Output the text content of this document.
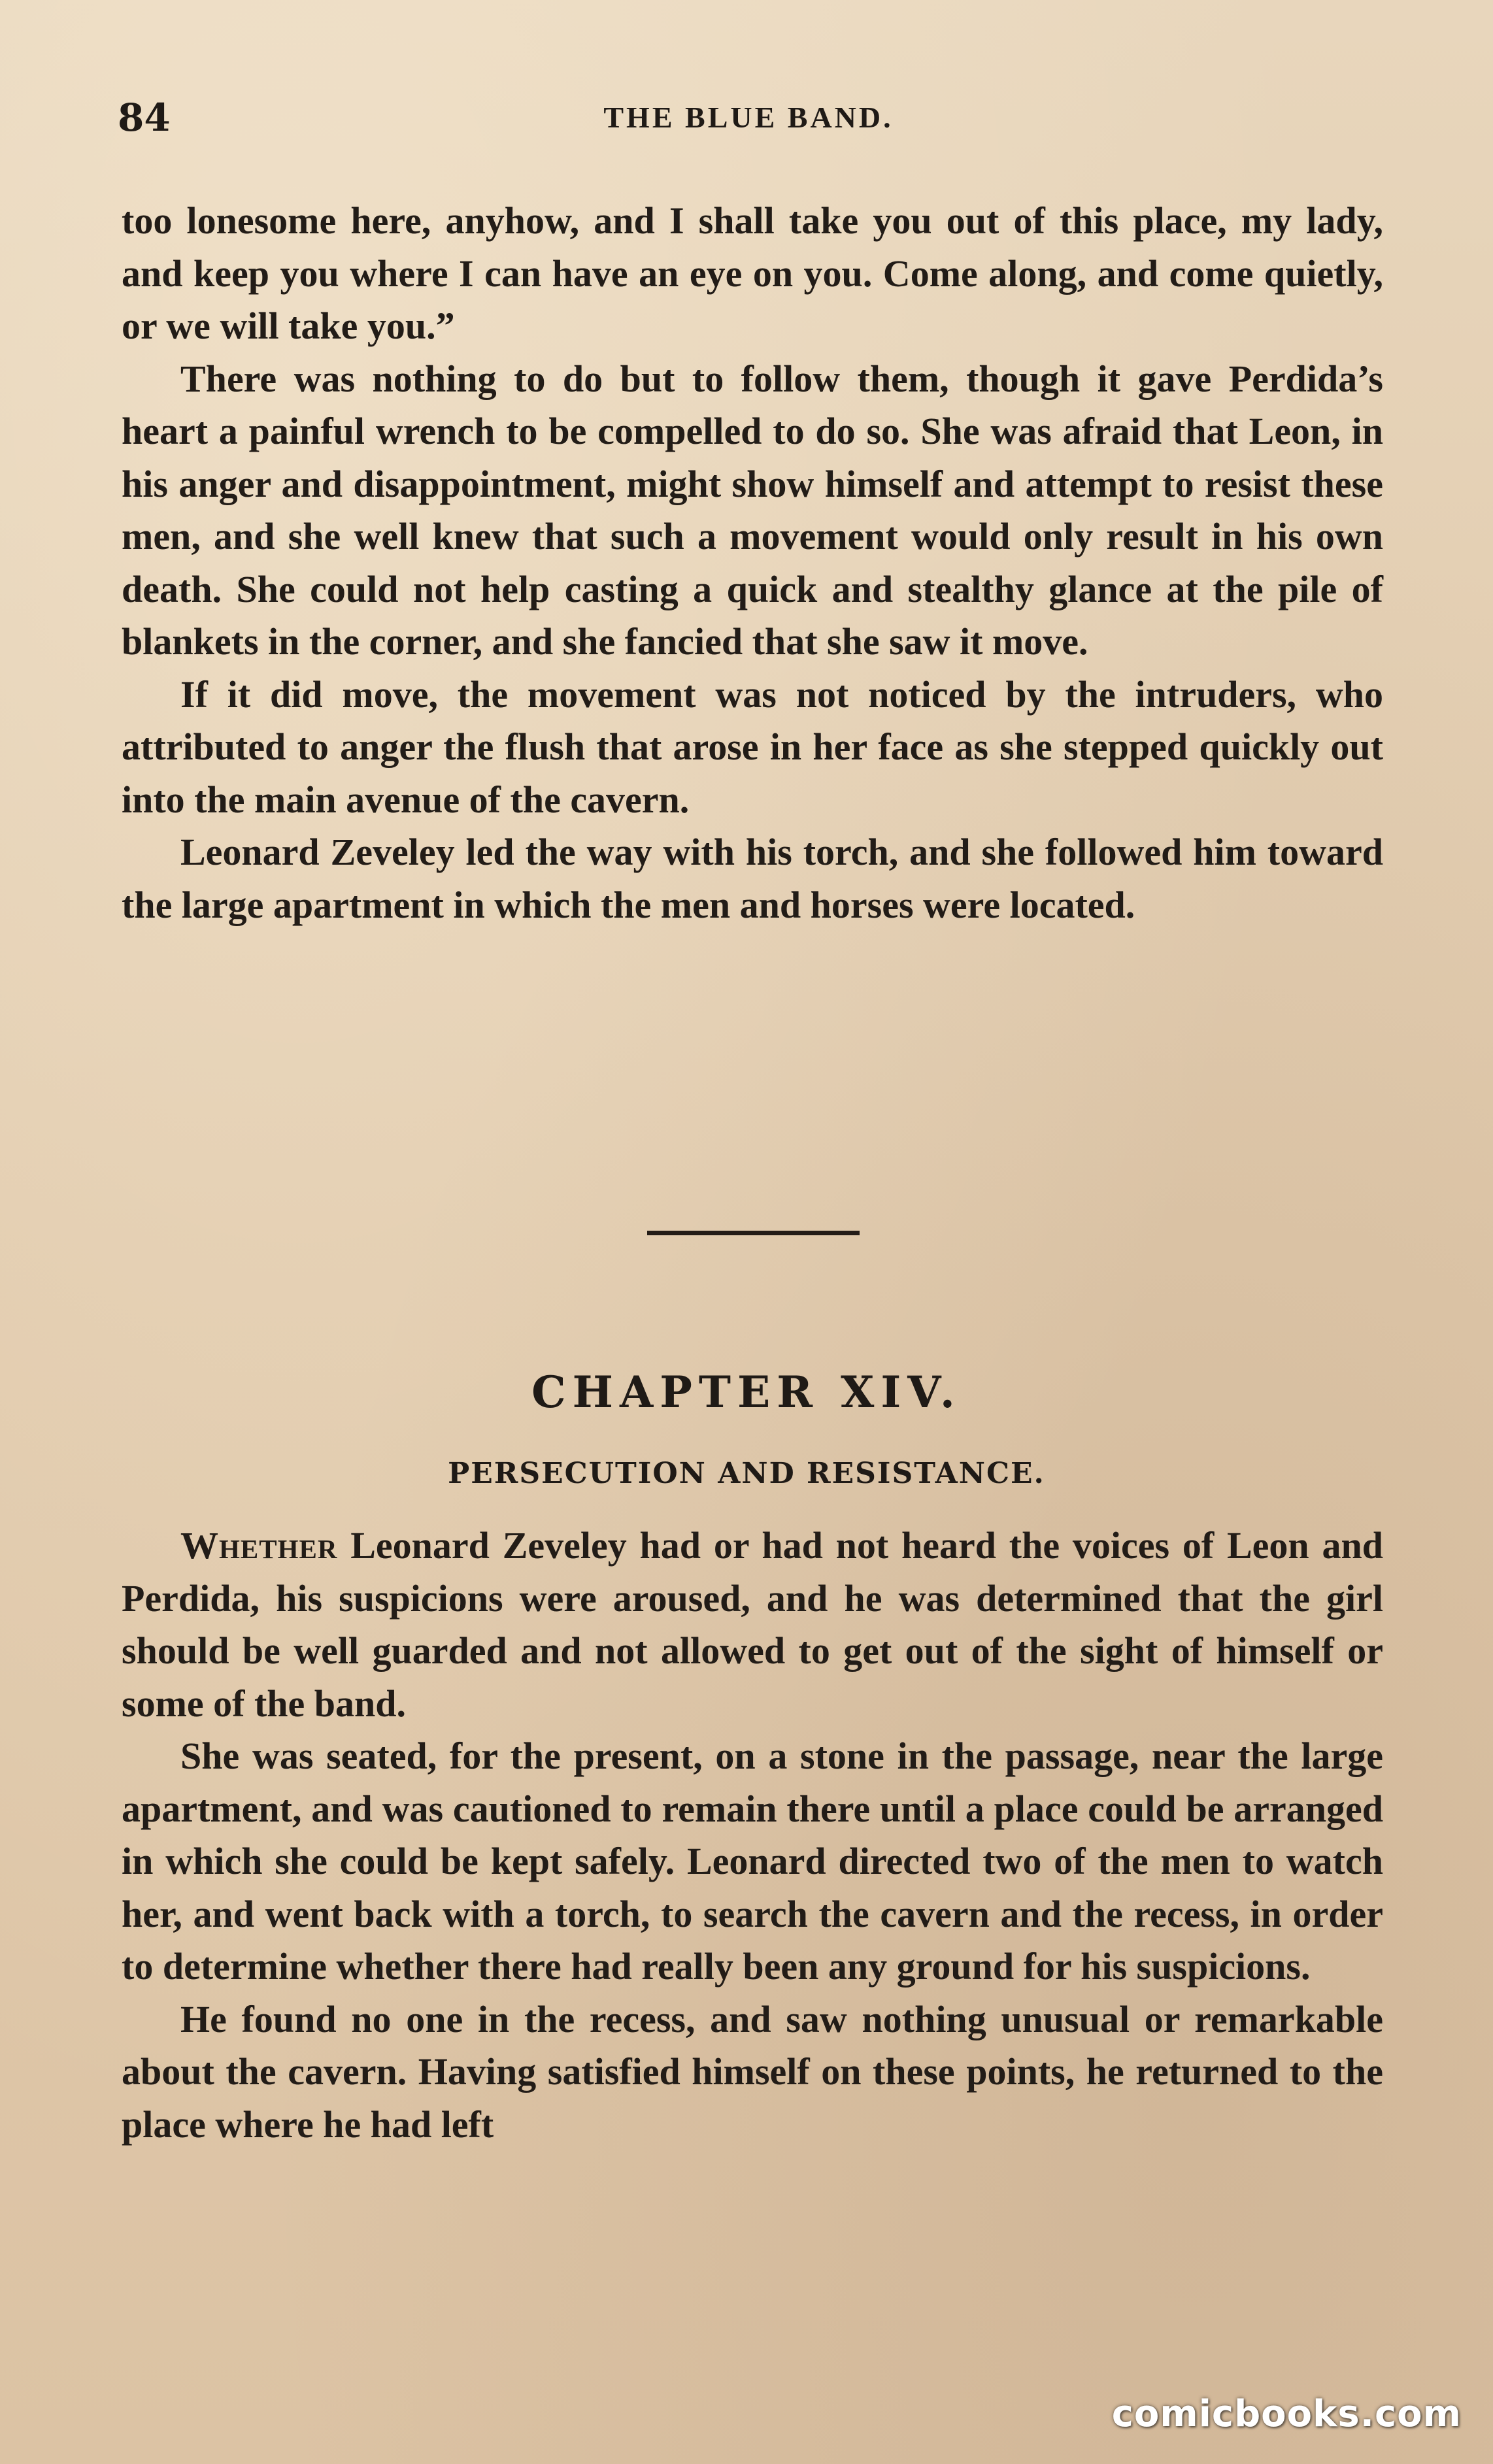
84	THE BLUE BAND.

too lonesome here, anyhow, and I shall take you out of this place, my lady, and keep you where I can have an eye on you. Come along, and come quietly, or we will take you.”

There was nothing to do but to follow them, though it gave Perdida’s heart a painful wrench to be compelled to do so. She was afraid that Leon, in his anger and disappointment, might show himself and attempt to resist these men, and she well knew that such a movement would only result in his own death. She could not help casting a quick and stealthy glance at the pile of blankets in the corner, and she fancied that she saw it move.

If it did move, the movement was not noticed by the intruders, who attributed to anger the flush that arose in her face as she stepped quickly out into the main avenue of the cavern.

Leonard Zeveley led the way with his torch, and she followed him toward the large apartment in which the men and horses were located.

CHAPTER XIV.
PERSECUTION AND RESISTANCE.

Whether Leonard Zeveley had or had not heard the voices of Leon and Perdida, his suspicions were aroused, and he was determined that the girl should be well guarded and not allowed to get out of the sight of himself or some of the band.

She was seated, for the present, on a stone in the passage, near the large apartment, and was cautioned to remain there until a place could be arranged in which she could be kept safely. Leonard directed two of the men to watch her, and went back with a torch, to search the cavern and the recess, in order to determine whether there had really been any ground for his suspicions.

He found no one in the recess, and saw nothing unusual or remarkable about the cavern. Having satisfied himself on these points, he returned to the place where he had left

comicbooks.com
